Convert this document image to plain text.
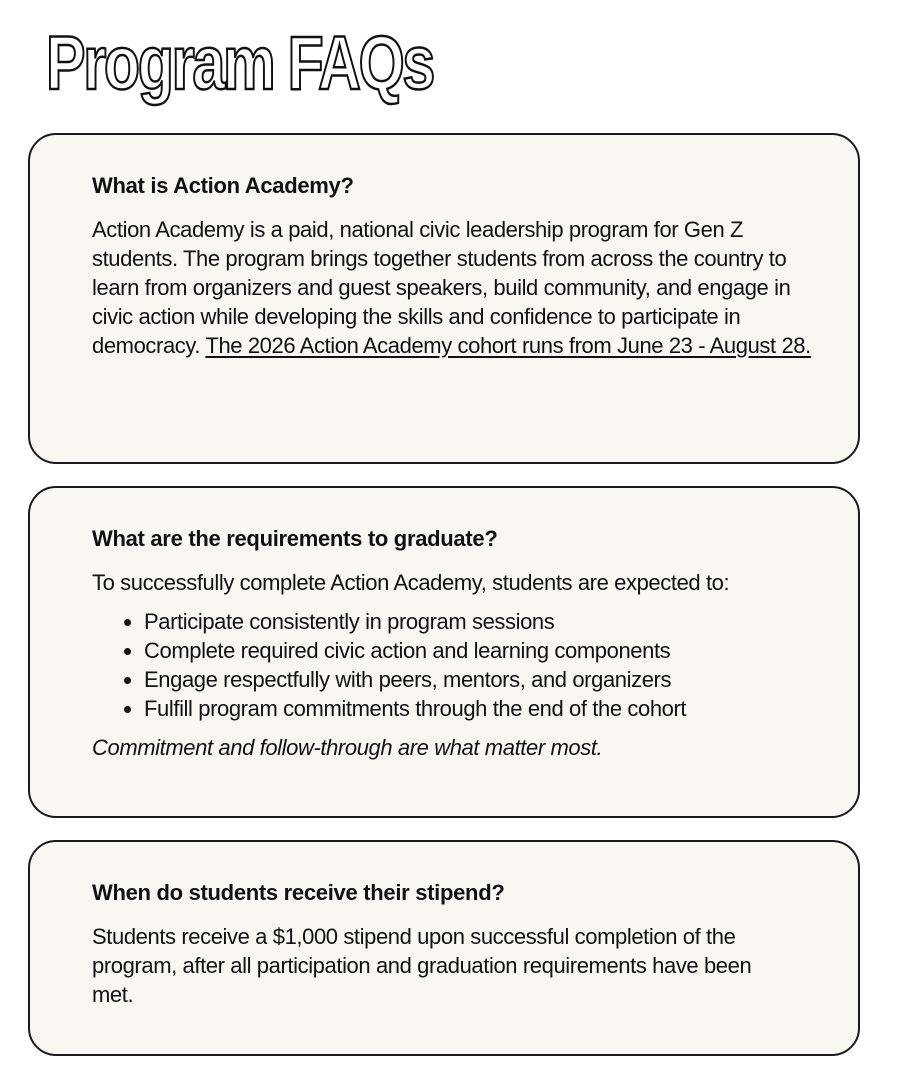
Program FAQs
What is Action Academy?

Action Academy is a paid, national civic leadership program for Gen Z students. The program brings together students from across the country to learn from organizers and guest speakers, build community, and engage in civic action while developing the skills and confidence to participate in democracy. The 2026 Action Academy cohort runs from June 23 - August 28.

What are the requirements to graduate?

To successfully complete Action Academy, students are expected to:

• Participate consistently in program sessions
• Complete required civic action and learning components
• Engage respectfully with peers, mentors, and organizers
• Fulfill program commitments through the end of the cohort

Commitment and follow-through are what matter most.

When do students receive their stipend?

Students receive a $1,000 stipend upon successful completion of the program, after all participation and graduation requirements have been met.
